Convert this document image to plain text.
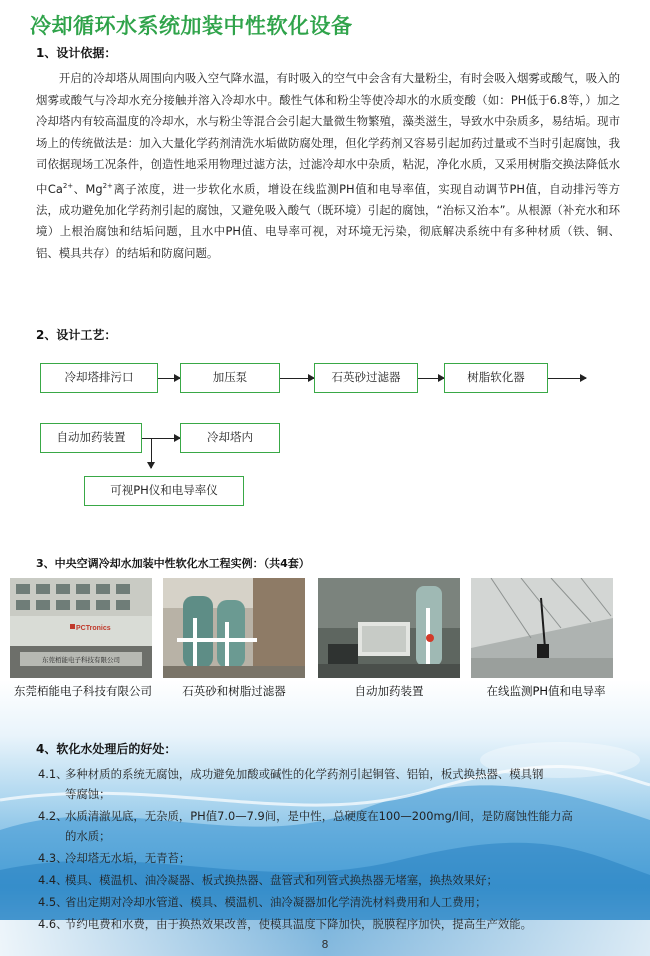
冷却循环水系统加装中性软化设备
1、设计依据：
　　开启的冷却塔从周围向内吸入空气降水温，有时吸入的空气中会含有大量粉尘，有时会吸入烟雾或酸气，吸入的烟雾或酸气与冷却水充分接触并溶入冷却水中。酸性气体和粉尘等使冷却水的水质变酸（如：PH低于6.8等，）加之冷却塔内有较高温度的冷却水，水与粉尘等混合会引起大量微生物繁殖，藻类滋生，导致水中杂质多，易结垢。现市场上的传统做法是：加入大量化学药剂清洗水垢做防腐处理，但化学药剂又容易引起加药过量或不当时引起腐蚀，我司依据现场工况条件，创造性地采用物理过滤方法，过滤冷却水中杂质，粘泥，净化水质，又采用树脂交换法降低水中$Ca^{2+}$、$Mg^{2+}$离子浓度，进一步软化水质，增设在线监测PH值和电导率值，实现自动调节PH值，自动排污等方法，成功避免加化学药剂引起的腐蚀，又避免吸入酸气（既环境）引起的腐蚀，“治标又治本”。从根源（补充水和环境）上根治腐蚀和结垢问题，且水中PH值、电导率可视，对环境无污染，彻底解决系统中有多种材质（铁、铜、铝、模具共存）的结垢和防腐问题。
2、设计工艺：
冷却塔排污口	加压泵	石英砂过滤器	树脂软化器
自动加药装置	冷却塔内
可视PH仪和电导率仪
3、中央空调冷却水加装中性软化水工程实例：（共4套）
PCTronics
东莞栢能电子科技有限公司
东莞栢能电子科技有限公司	石英砂和树脂过滤器	自动加药装置	在线监测PH值和电导率
4、软化水处理后的好处：
4.1、多种材质的系统无腐蚀，成功避免加酸或碱性的化学药剂引起铜管、铝铂，板式换热器、模具钢
等腐蚀；
4.2、水质清澈见底，无杂质，PH值7.0—7.9间，是中性，总硬度在100—200mg/l间，是防腐蚀性能力高
的水质；
4.3、冷却塔无水垢，无青苔；
4.4、模具、模温机、油冷凝器、板式换热器、盘管式和列管式换热器无堵塞，换热效果好；
4.5、省出定期对冷却水管道、模具、模温机、油冷凝器加化学清洗材料费用和人工费用；
4.6、节约电费和水费，由于换热效果改善，使模具温度下降加快，脱膜程序加快，提高生产效能。
8
